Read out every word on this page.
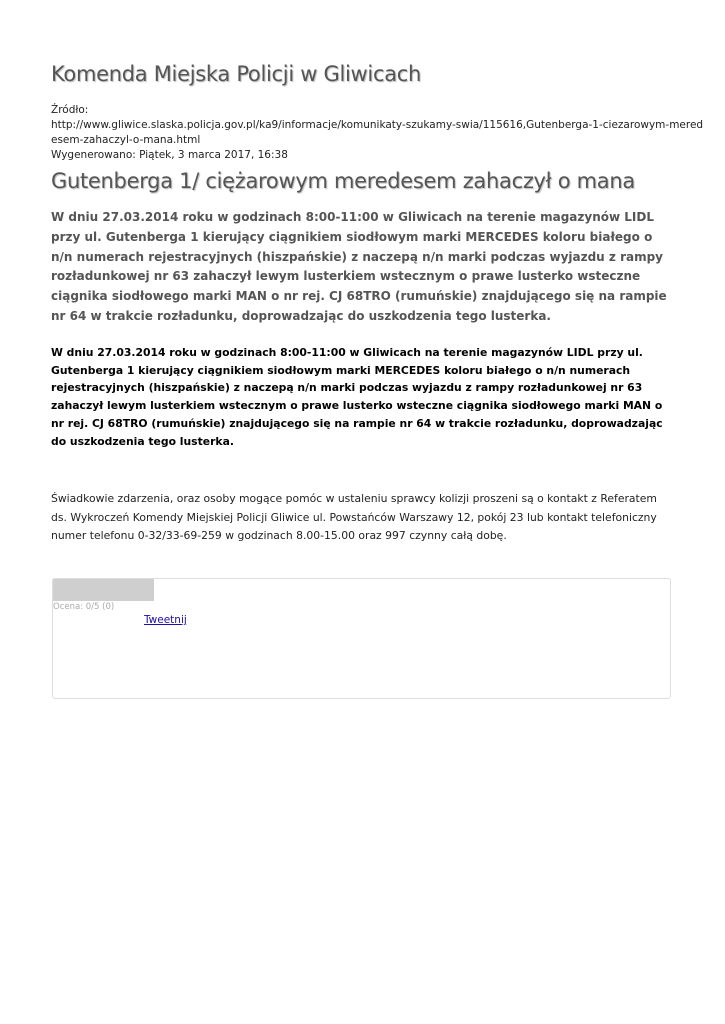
Komenda Miejska Policji w Gliwicach
Źródło:
http://www.gliwice.slaska.policja.gov.pl/ka9/informacje/komunikaty-szukamy-swia/115616,Gutenberga-1-ciezarowym-mered
esem-zahaczyl-o-mana.html
Wygenerowano: Piątek, 3 marca 2017, 16:38
Gutenberga 1/ ciężarowym meredesem zahaczył o mana

W dniu 27.03.2014 roku w godzinach 8:00-11:00 w Gliwicach na terenie magazynów LIDL przy ul. Gutenberga 1 kierujący ciągnikiem siodłowym marki MERCEDES koloru białego o n/n numerach rejestracyjnych (hiszpańskie) z naczepą n/n marki podczas wyjazdu z rampy rozładunkowej nr 63 zahaczył lewym lusterkiem wstecznym o prawe lusterko wsteczne ciągnika siodłowego marki MAN o nr rej. CJ 68TRO (rumuńskie) znajdującego się na rampie nr 64 w trakcie rozładunku, doprowadzając do uszkodzenia tego lusterka.

W dniu 27.03.2014 roku w godzinach 8:00-11:00 w Gliwicach na terenie magazynów LIDL przy ul. Gutenberga 1 kierujący ciągnikiem siodłowym marki MERCEDES koloru białego o n/n numerach rejestracyjnych (hiszpańskie) z naczepą n/n marki podczas wyjazdu z rampy rozładunkowej nr 63 zahaczył lewym lusterkiem wstecznym o prawe lusterko wsteczne ciągnika siodłowego marki MAN o nr rej. CJ 68TRO (rumuńskie) znajdującego się na rampie nr 64 w trakcie rozładunku, doprowadzając do uszkodzenia tego lusterka.

Świadkowie zdarzenia, oraz osoby mogące pomóc w ustaleniu sprawcy kolizji proszeni są o kontakt z Referatem ds. Wykroczeń Komendy Miejskiej Policji Gliwice ul. Powstańców Warszawy 12, pokój 23 lub kontakt telefoniczny numer telefonu 0-32/33-69-259 w godzinach 8.00-15.00 oraz 997 czynny całą dobę.

Ocena: 0/5 (0)
Tweetnij
